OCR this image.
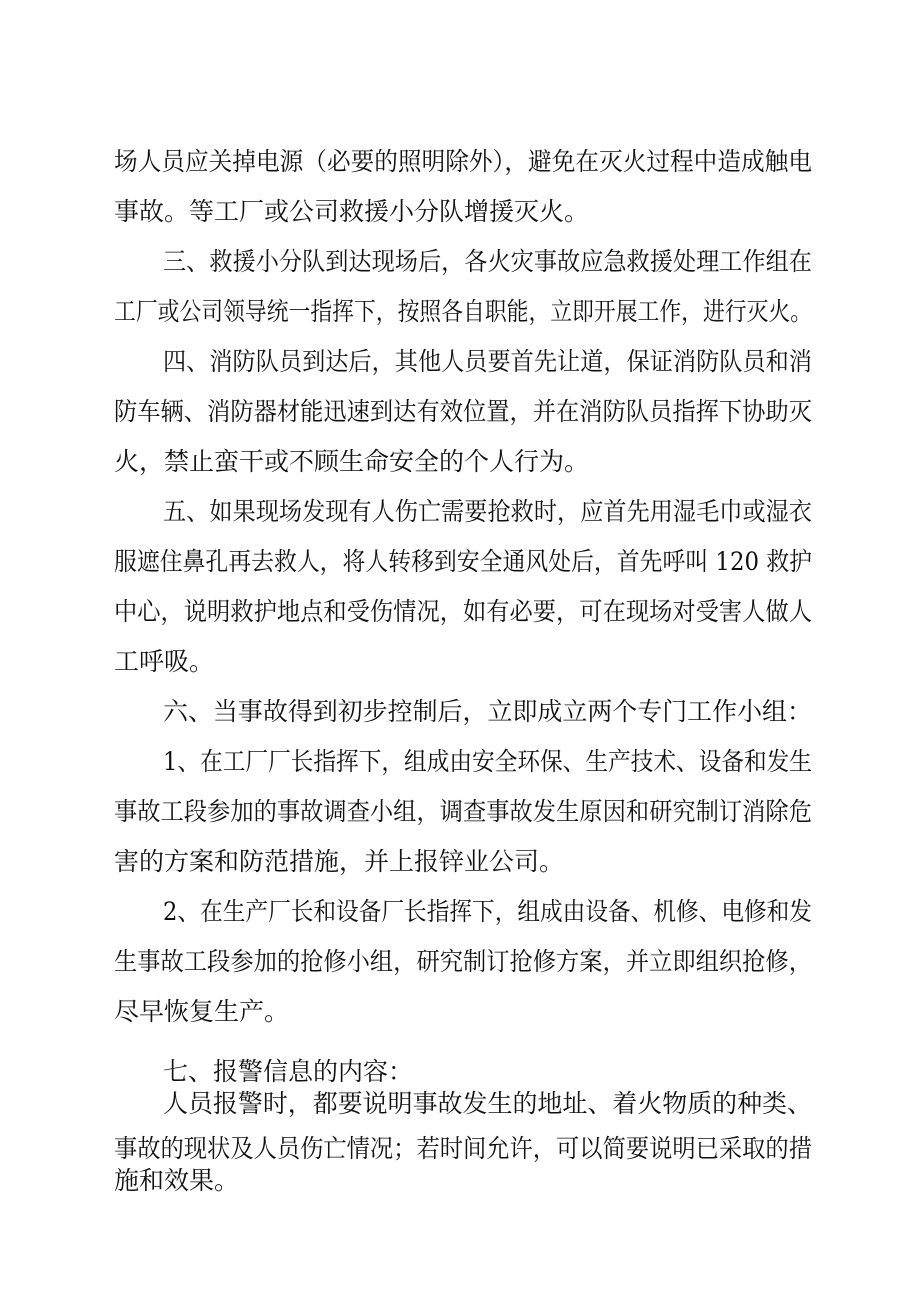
场人员应关掉电源（必要的照明除外），避免在灭火过程中造成触电
事故。等工厂或公司救援小分队增援灭火。
三、救援小分队到达现场后，各火灾事故应急救援处理工作组在
工厂或公司领导统一指挥下，按照各自职能，立即开展工作，进行灭火。
四、消防队员到达后，其他人员要首先让道，保证消防队员和消
防车辆、消防器材能迅速到达有效位置，并在消防队员指挥下协助灭
火，禁止蛮干或不顾生命安全的个人行为。
五、如果现场发现有人伤亡需要抢救时，应首先用湿毛巾或湿衣
服遮住鼻孔再去救人，将人转移到安全通风处后，首先呼叫 120 救护
中心，说明救护地点和受伤情况，如有必要，可在现场对受害人做人
工呼吸。
六、当事故得到初步控制后，立即成立两个专门工作小组：
1、在工厂厂长指挥下，组成由安全环保、生产技术、设备和发生
事故工段参加的事故调查小组，调查事故发生原因和研究制订消除危
害的方案和防范措施，并上报锌业公司。
2、在生产厂长和设备厂长指挥下，组成由设备、机修、电修和发
生事故工段参加的抢修小组，研究制订抢修方案，并立即组织抢修，
尽早恢复生产。
七、报警信息的内容：
人员报警时，都要说明事故发生的地址、着火物质的种类、
事故的现状及人员伤亡情况；若时间允许，可以简要说明已采取的措
施和效果。
